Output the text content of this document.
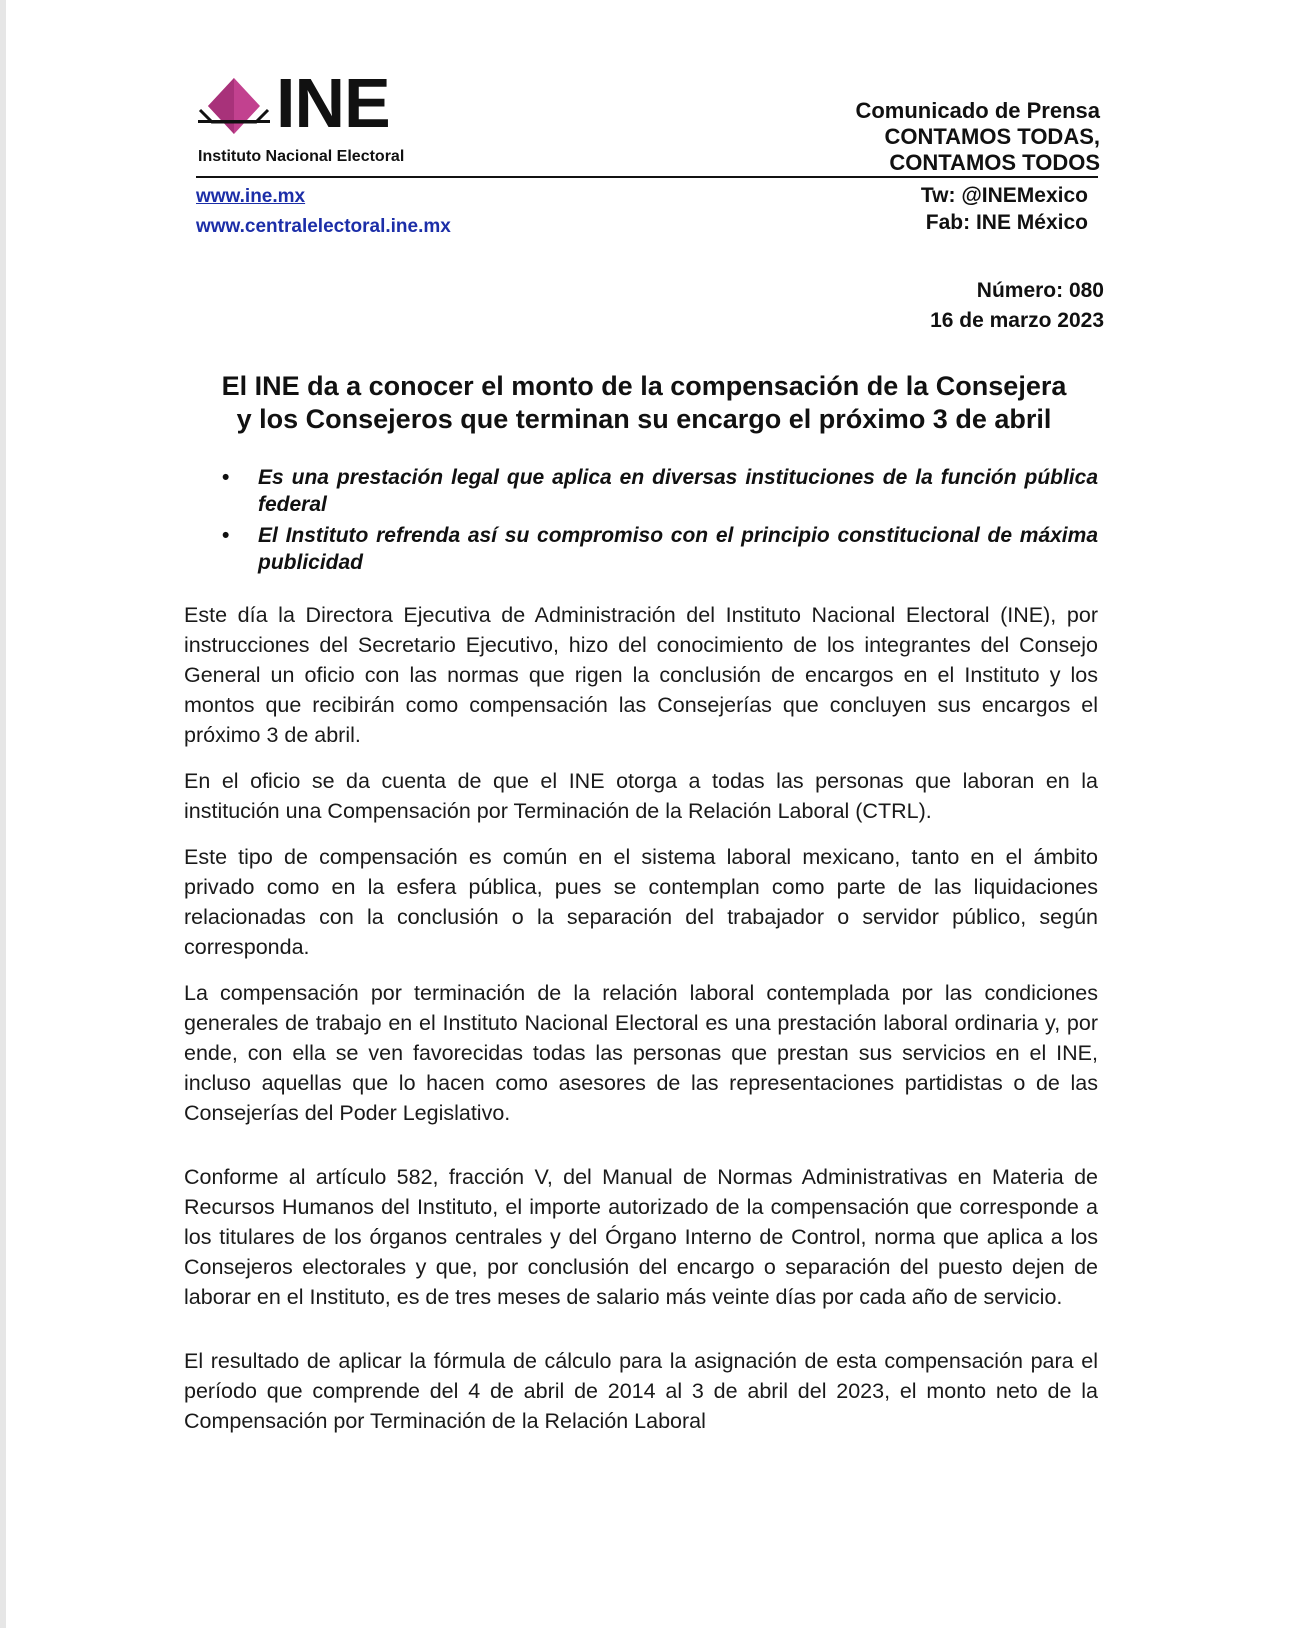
INE
Instituto Nacional Electoral
Comunicado de Prensa
CONTAMOS TODAS,
CONTAMOS TODOS
www.ine.mx
www.centralelectoral.ine.mx
Tw: @INEMexico
Fab: INE México
Número: 080
16 de marzo 2023
El INE da a conocer el monto de la compensación de la Consejera
y los Consejeros que terminan su encargo el próximo 3 de abril
• Es una prestación legal que aplica en diversas instituciones de la función pública federal
• El Instituto refrenda así su compromiso con el principio constitucional de máxima publicidad

Este día la Directora Ejecutiva de Administración del Instituto Nacional Electoral (INE), por instrucciones del Secretario Ejecutivo, hizo del conocimiento de los integrantes del Consejo General un oficio con las normas que rigen la conclusión de encargos en el Instituto y los montos que recibirán como compensación las Consejerías que concluyen sus encargos el próximo 3 de abril.

En el oficio se da cuenta de que el INE otorga a todas las personas que laboran en la institución una Compensación por Terminación de la Relación Laboral (CTRL).

Este tipo de compensación es común en el sistema laboral mexicano, tanto en el ámbito privado como en la esfera pública, pues se contemplan como parte de las liquidaciones relacionadas con la conclusión o la separación del trabajador o servidor público, según corresponda.

La compensación por terminación de la relación laboral contemplada por las condiciones generales de trabajo en el Instituto Nacional Electoral es una prestación laboral ordinaria y, por ende, con ella se ven favorecidas todas las personas que prestan sus servicios en el INE, incluso aquellas que lo hacen como asesores de las representaciones partidistas o de las Consejerías del Poder Legislativo.

Conforme al artículo 582, fracción V, del Manual de Normas Administrativas en Materia de Recursos Humanos del Instituto, el importe autorizado de la compensación que corresponde a los titulares de los órganos centrales y del Órgano Interno de Control, norma que aplica a los Consejeros electorales y que, por conclusión del encargo o separación del puesto dejen de laborar en el Instituto, es de tres meses de salario más veinte días por cada año de servicio.

El resultado de aplicar la fórmula de cálculo para la asignación de esta compensación para el período que comprende del 4 de abril de 2014 al 3 de abril del 2023, el monto neto de la Compensación por Terminación de la Relación Laboral
